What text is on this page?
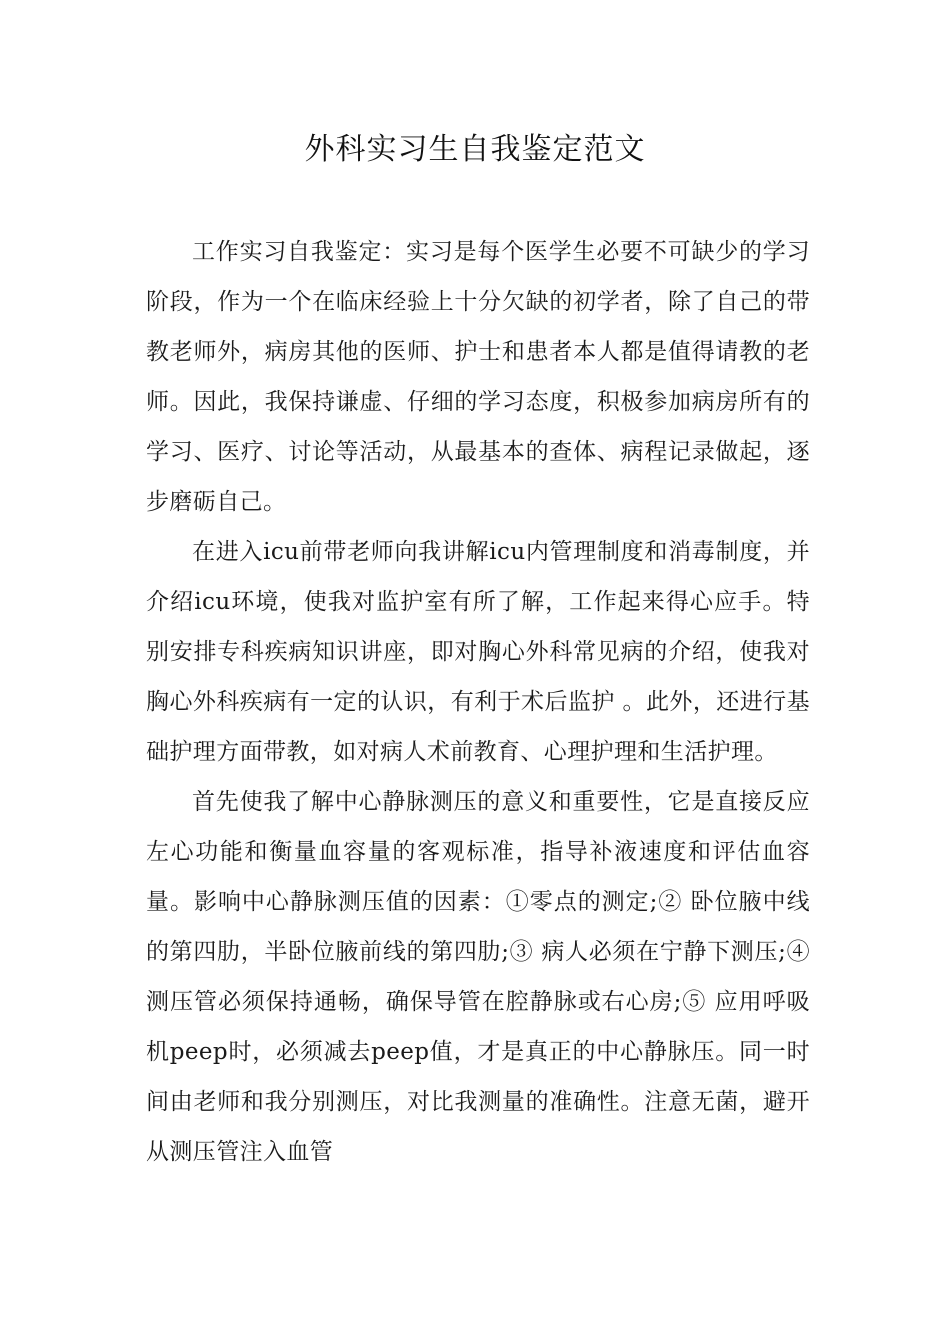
外科实习生自我鉴定范文

工作实习自我鉴定：实习是每个医学生必要不可缺少的学习阶段，作为一个在临床经验上十分欠缺的初学者，除了自己的带教老师外，病房其他的医师、护士和患者本人都是值得请教的老师。因此，我保持谦虚、仔细的学习态度，积极参加病房所有的学习、医疗、讨论等活动，从最基本的查体、病程记录做起，逐步磨砺自己。

在进入icu前带老师向我讲解icu内管理制度和消毒制度，并介绍icu环境，使我对监护室有所了解，工作起来得心应手。特别安排专科疾病知识讲座，即对胸心外科常见病的介绍，使我对胸心外科疾病有一定的认识，有利于术后监护 。此外，还进行基础护理方面带教，如对病人术前教育、心理护理和生活护理。

首先使我了解中心静脉测压的意义和重要性，它是直接反应左心功能和衡量血容量的客观标准，指导补液速度和评估血容量。影响中心静脉测压值的因素：①零点的测定;② 卧位腋中线的第四肋，半卧位腋前线的第四肋;③ 病人必须在宁静下测压;④ 测压管必须保持通畅，确保导管在腔静脉或右心房;⑤ 应用呼吸机peep时，必须减去peep值，才是真正的中心静脉压。同一时间由老师和我分别测压，对比我测量的准确性。注意无菌，避开从测压管注入血管
